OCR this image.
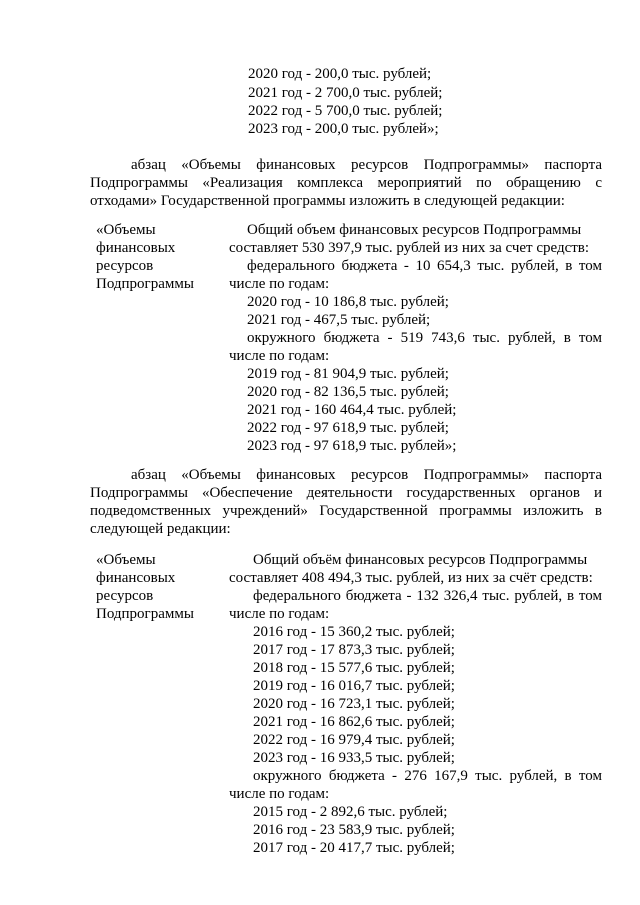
2020 год - 200,0 тыс. рублей;
2021 год - 2 700,0 тыс. рублей;
2022 год - 5 700,0 тыс. рублей;
2023 год - 200,0 тыс. рублей»;
абзац «Объемы финансовых ресурсов Подпрограммы» паспорта
Подпрограммы «Реализация комплекса мероприятий по обращению с
отходами» Государственной программы изложить в следующей редакции:
«Объемы
финансовых
ресурсов
Подпрограммы
Общий объем финансовых ресурсов Подпрограммы
составляет 530 397,9 тыс. рублей из них за счет средств:
федерального бюджета - 10 654,3 тыс. рублей, в том
числе по годам:
2020 год - 10 186,8 тыс. рублей;
2021 год - 467,5 тыс. рублей;
окружного бюджета - 519 743,6 тыс. рублей, в том
числе по годам:
2019 год - 81 904,9 тыс. рублей;
2020 год - 82 136,5 тыс. рублей;
2021 год - 160 464,4 тыс. рублей;
2022 год - 97 618,9 тыс. рублей;
2023 год - 97 618,9 тыс. рублей»;
абзац «Объемы финансовых ресурсов Подпрограммы» паспорта
Подпрограммы «Обеспечение деятельности государственных органов и
подведомственных учреждений» Государственной программы изложить в
следующей редакции:
«Объемы
финансовых
ресурсов
Подпрограммы
Общий объём финансовых ресурсов Подпрограммы
составляет 408 494,3 тыс. рублей, из них за счёт средств:
федерального бюджета - 132 326,4 тыс. рублей, в том
числе по годам:
2016 год - 15 360,2 тыс. рублей;
2017 год - 17 873,3 тыс. рублей;
2018 год - 15 577,6 тыс. рублей;
2019 год - 16 016,7 тыс. рублей;
2020 год - 16 723,1 тыс. рублей;
2021 год - 16 862,6 тыс. рублей;
2022 год - 16 979,4 тыс. рублей;
2023 год - 16 933,5 тыс. рублей;
окружного бюджета - 276 167,9 тыс. рублей, в том
числе по годам:
2015 год - 2 892,6 тыс. рублей;
2016 год - 23 583,9 тыс. рублей;
2017 год - 20 417,7 тыс. рублей;
